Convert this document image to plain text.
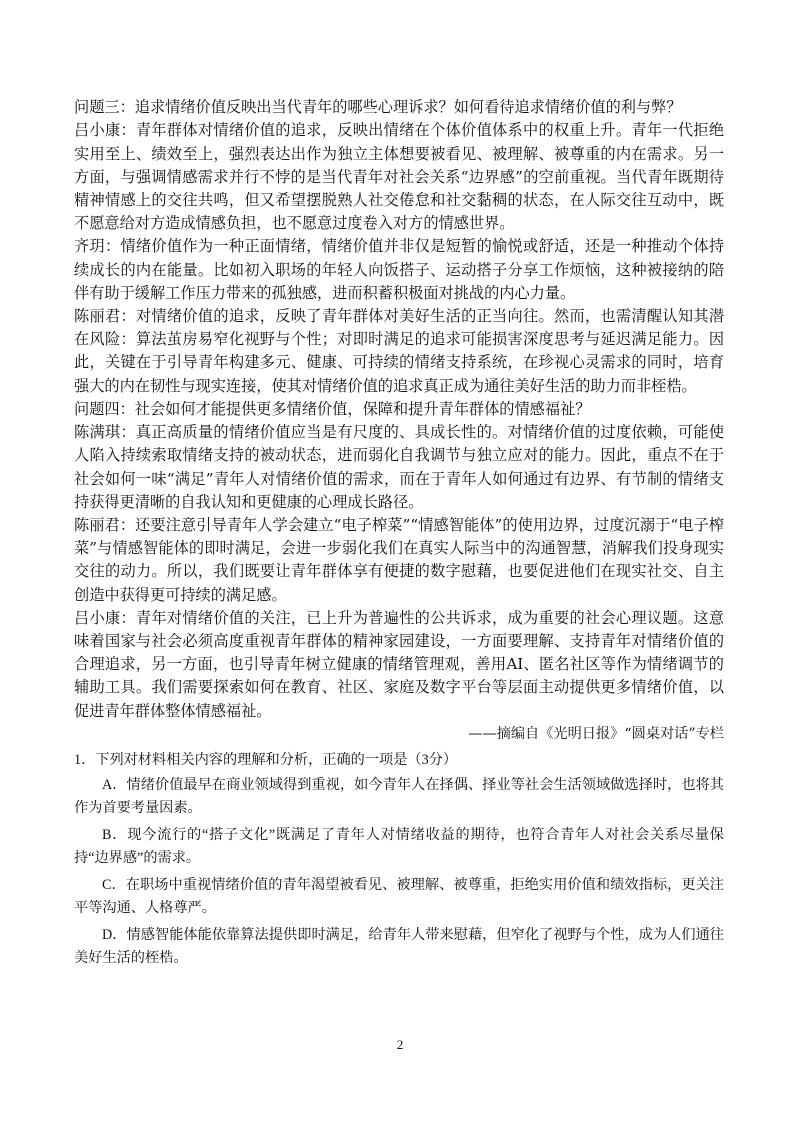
问题三：追求情绪价值反映出当代青年的哪些心理诉求？如何看待追求情绪价值的利与弊？

吕小康：青年群体对情绪价值的追求，反映出情绪在个体价值体系中的权重上升。青年一代拒绝实用至上、绩效至上，强烈表达出作为独立主体想要被看见、被理解、被尊重的内在需求。另一方面，与强调情感需求并行不悖的是当代青年对社会关系“边界感”的空前重视。当代青年既期待精神情感上的交往共鸣，但又希望摆脱熟人社交倦怠和社交黏稠的状态，在人际交往互动中，既不愿意给对方造成情感负担，也不愿意过度卷入对方的情感世界。

齐玥：情绪价值作为一种正面情绪，情绪价值并非仅是短暂的愉悦或舒适，还是一种推动个体持续成长的内在能量。比如初入职场的年轻人向饭搭子、运动搭子分享工作烦恼，这种被接纳的陪伴有助于缓解工作压力带来的孤独感，进而积蓄积极面对挑战的内心力量。

陈丽君：对情绪价值的追求，反映了青年群体对美好生活的正当向往。然而，也需清醒认知其潜在风险：算法茧房易窄化视野与个性；对即时满足的追求可能损害深度思考与延迟满足能力。因此，关键在于引导青年构建多元、健康、可持续的情绪支持系统，在珍视心灵需求的同时，培育强大的内在韧性与现实连接，使其对情绪价值的追求真正成为通往美好生活的助力而非桎梏。

问题四：社会如何才能提供更多情绪价值，保障和提升青年群体的情感福祉？

陈满琪：真正高质量的情绪价值应当是有尺度的、具成长性的。对情绪价值的过度依赖，可能使人陷入持续索取情绪支持的被动状态，进而弱化自我调节与独立应对的能力。因此，重点不在于社会如何一味“满足”青年人对情绪价值的需求，而在于青年人如何通过有边界、有节制的情绪支持获得更清晰的自我认知和更健康的心理成长路径。

陈丽君：还要注意引导青年人学会建立“电子榨菜”“情感智能体”的使用边界，过度沉溺于“电子榨菜”与情感智能体的即时满足，会进一步弱化我们在真实人际当中的沟通智慧，消解我们投身现实交往的动力。所以，我们既要让青年群体享有便捷的数字慰藉，也要促进他们在现实社交、自主创造中获得更可持续的满足感。

吕小康：青年对情绪价值的关注，已上升为普遍性的公共诉求，成为重要的社会心理议题。这意味着国家与社会必须高度重视青年群体的精神家园建设，一方面要理解、支持青年对情绪价值的合理追求，另一方面，也引导青年树立健康的情绪管理观，善用AI、匿名社区等作为情绪调节的辅助工具。我们需要探索如何在教育、社区、家庭及数字平台等层面主动提供更多情绪价值，以促进青年群体整体情感福祉。

——摘编自《光明日报》“圆桌对话”专栏

1．下列对材料相关内容的理解和分析，正确的一项是（3分）

A．情绪价值最早在商业领域得到重视，如今青年人在择偶、择业等社会生活领域做选择时，也将其作为首要考量因素。

B．现今流行的“搭子文化”既满足了青年人对情绪收益的期待，也符合青年人对社会关系尽量保持“边界感”的需求。

C．在职场中重视情绪价值的青年渴望被看见、被理解、被尊重，拒绝实用价值和绩效指标，更关注平等沟通、人格尊严。

D．情感智能体能依靠算法提供即时满足，给青年人带来慰藉，但窄化了视野与个性，成为人们通往美好生活的桎梏。

2
